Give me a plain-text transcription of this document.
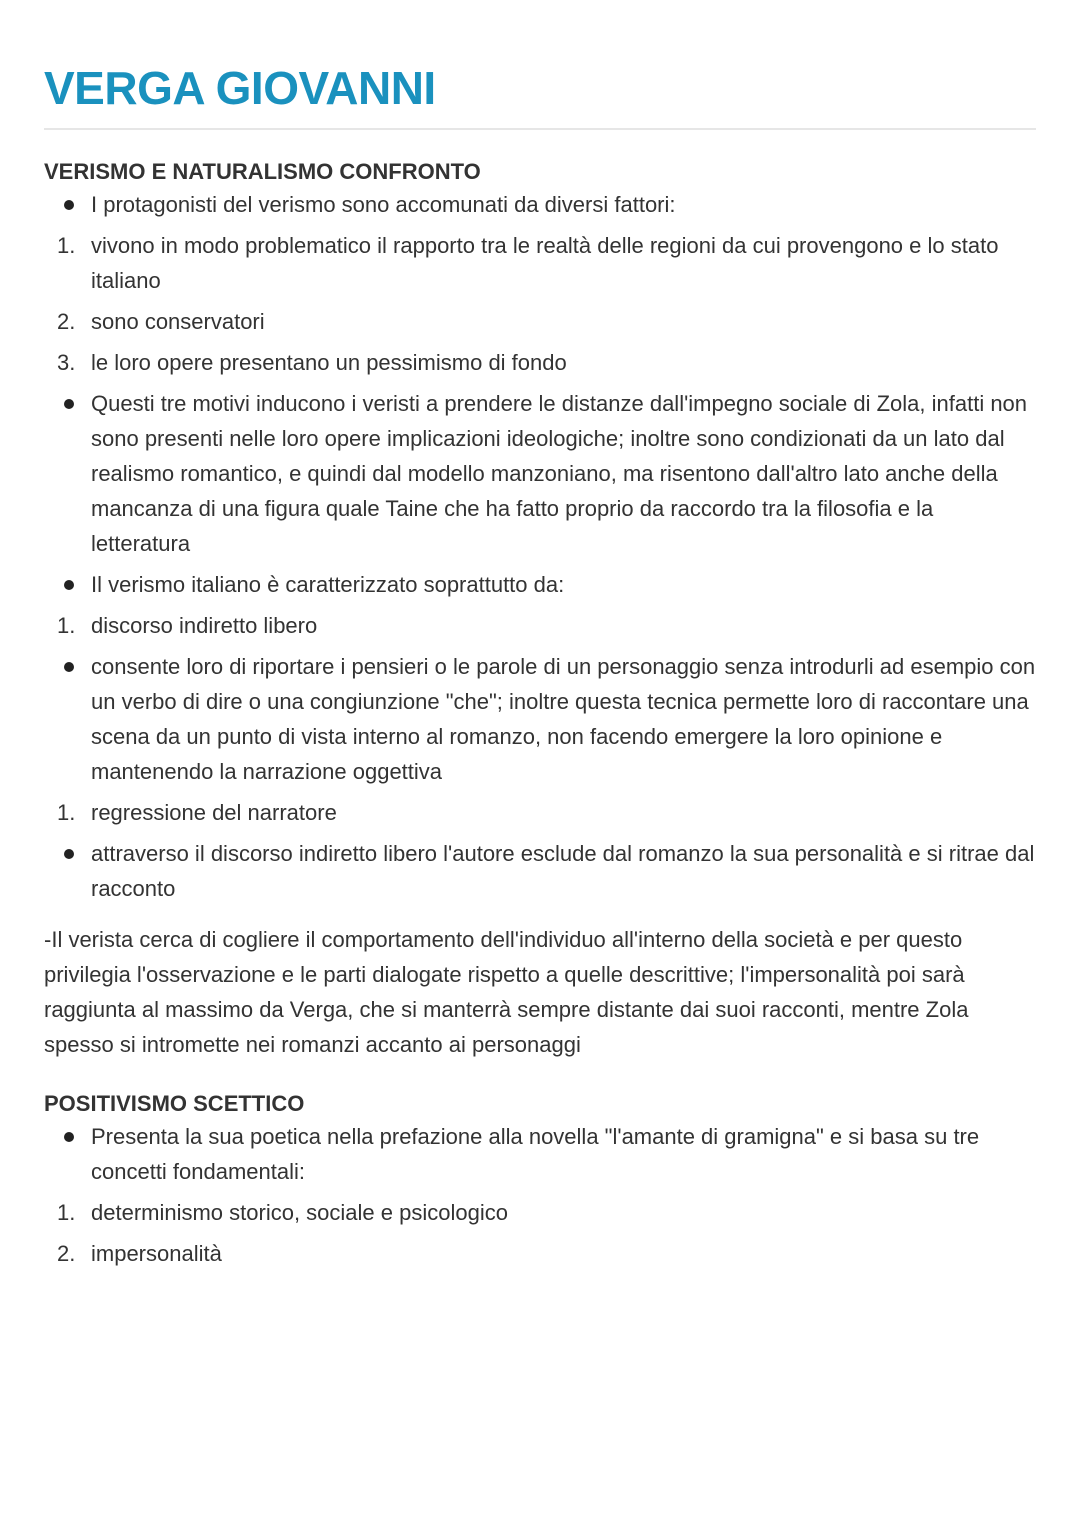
VERGA GIOVANNI
VERISMO E NATURALISMO CONFRONTO
I protagonisti del verismo sono accomunati da diversi fattori:
1. vivono in modo problematico il rapporto tra le realtà delle regioni da cui provengono e lo stato italiano
2. sono conservatori
3. le loro opere presentano un pessimismo di fondo
Questi tre motivi inducono i veristi a prendere le distanze dall'impegno sociale di Zola, infatti non sono presenti nelle loro opere implicazioni ideologiche; inoltre sono condizionati da un lato dal realismo romantico, e quindi dal modello manzoniano, ma risentono dall'altro lato anche della mancanza di una figura quale Taine che ha fatto proprio da raccordo tra la filosofia e la letteratura
Il verismo italiano è caratterizzato soprattutto da:
1. discorso indiretto libero
consente loro di riportare i pensieri o le parole di un personaggio senza introdurli ad esempio con un verbo di dire o una congiunzione "che"; inoltre questa tecnica permette loro di raccontare una scena da un punto di vista interno al romanzo, non facendo emergere la loro opinione e mantenendo la narrazione oggettiva
1. regressione del narratore
attraverso il discorso indiretto libero l'autore esclude dal romanzo la sua personalità e si ritrae dal racconto

-Il verista cerca di cogliere il comportamento dell'individuo all'interno della società e per questo privilegia l'osservazione e le parti dialogate rispetto a quelle descrittive; l'impersonalità poi sarà raggiunta al massimo da Verga, che si manterrà sempre distante dai suoi racconti, mentre Zola spesso si intromette nei romanzi accanto ai personaggi

POSITIVISMO SCETTICO
Presenta la sua poetica nella prefazione alla novella "l'amante di gramigna" e si basa su tre concetti fondamentali:
1. determinismo storico, sociale e psicologico
2. impersonalità
